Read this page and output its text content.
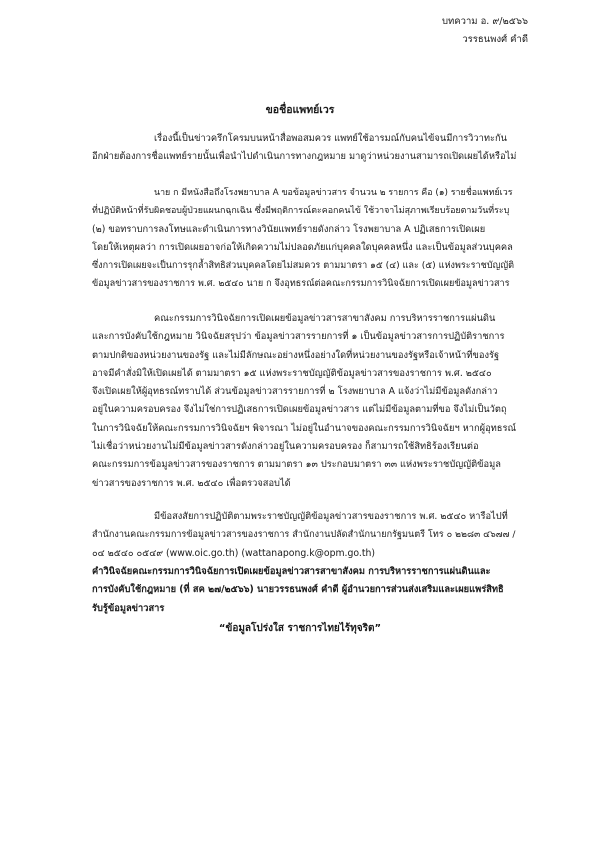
บทความ อ. ๙/๒๕๖๖
วรรธนพงศ์ คำดี
ขอชื่อแพทย์เวร
เรื่องนี้เป็นข่าวครึกโครมบนหน้าสื่อพอสมควร แพทย์ใช้อารมณ์กับคนไข้จนมีการวิวาทะกัน
อีกฝ่ายต้องการชื่อแพทย์รายนั้นเพื่อนำไปดำเนินการทางกฎหมาย มาดูว่าหน่วยงานสามารถเปิดเผยได้หรือไม่
นาย ก มีหนังสือถึงโรงพยาบาล A ขอข้อมูลข่าวสาร จำนวน ๒ รายการ คือ (๑) รายชื่อแพทย์เวร
ที่ปฏิบัติหน้าที่รับผิดชอบผู้ป่วยแผนกฉุกเฉิน ซึ่งมีพฤติการณ์ตะคอกคนไข้ ใช้วาจาไม่สุภาพเรียบร้อยตามวันที่ระบุ
(๒) ขอทราบการลงโทษและดำเนินการทางวินัยแพทย์รายดังกล่าว โรงพยาบาล A ปฏิเสธการเปิดเผย
โดยให้เหตุผลว่า การเปิดเผยอาจก่อให้เกิดความไม่ปลอดภัยแก่บุคคลใดบุคคลหนึ่ง และเป็นข้อมูลส่วนบุคคล
ซึ่งการเปิดเผยจะเป็นการรุกล้ำสิทธิส่วนบุคคลโดยไม่สมควร ตามมาตรา ๑๕ (๔) และ (๕) แห่งพระราชบัญญัติ
ข้อมูลข่าวสารของราชการ พ.ศ. ๒๕๔๐ นาย ก จึงอุทธรณ์ต่อคณะกรรมการวินิจฉัยการเปิดเผยข้อมูลข่าวสาร
คณะกรรมการวินิจฉัยการเปิดเผยข้อมูลข่าวสารสาขาสังคม การบริหารราชการแผ่นดิน
และการบังคับใช้กฎหมาย วินิจฉัยสรุปว่า ข้อมูลข่าวสารรายการที่ ๑ เป็นข้อมูลข่าวสารการปฏิบัติราชการ
ตามปกติของหน่วยงานของรัฐ และไม่มีลักษณะอย่างหนึ่งอย่างใดที่หน่วยงานของรัฐหรือเจ้าหน้าที่ของรัฐ
อาจมีคำสั่งมิให้เปิดเผยได้ ตามมาตรา ๑๕ แห่งพระราชบัญญัติข้อมูลข่าวสารของราชการ พ.ศ. ๒๕๔๐
จึงเปิดเผยให้ผู้อุทธรณ์ทราบได้ ส่วนข้อมูลข่าวสารรายการที่ ๒ โรงพยาบาล A แจ้งว่าไม่มีข้อมูลดังกล่าว
อยู่ในความครอบครอง จึงไม่ใช่การปฏิเสธการเปิดเผยข้อมูลข่าวสาร แต่ไม่มีข้อมูลตามที่ขอ จึงไม่เป็นวัตถุ
ในการวินิจฉัยให้คณะกรรมการวินิจฉัยฯ พิจารณา ไม่อยู่ในอำนาจของคณะกรรมการวินิจฉัยฯ หากผู้อุทธรณ์
ไม่เชื่อว่าหน่วยงานไม่มีข้อมูลข่าวสารดังกล่าวอยู่ในความครอบครอง ก็สามารถใช้สิทธิร้องเรียนต่อ
คณะกรรมการข้อมูลข่าวสารของราชการ ตามมาตรา ๑๓ ประกอบมาตรา ๓๓ แห่งพระราชบัญญัติข้อมูล
ข่าวสารของราชการ พ.ศ. ๒๕๔๐ เพื่อตรวจสอบได้
มีข้อสงสัยการปฏิบัติตามพระราชบัญญัติข้อมูลข่าวสารของราชการ พ.ศ. ๒๕๔๐ หารือไปที่
สำนักงานคณะกรรมการข้อมูลข่าวสารของราชการ สำนักงานปลัดสำนักนายกรัฐมนตรี โทร ๐ ๒๒๘๓ ๔๖๗๗ /
๐๔ ๒๕๔๐ ๐๕๔๙ (www.oic.go.th) (wattanapong.k@opm.go.th)
คำวินิจฉัยคณะกรรมการวินิจฉัยการเปิดเผยข้อมูลข่าวสารสาขาสังคม การบริหารราชการแผ่นดินและ
การบังคับใช้กฎหมาย (ที่ สค ๒๗/๒๕๖๖) นายวรรธนพงศ์ คำดี ผู้อำนวยการส่วนส่งเสริมและเผยแพร่สิทธิ
รับรู้ข้อมูลข่าวสาร
“ข้อมูลโปร่งใส ราชการไทยไร้ทุจริต”
